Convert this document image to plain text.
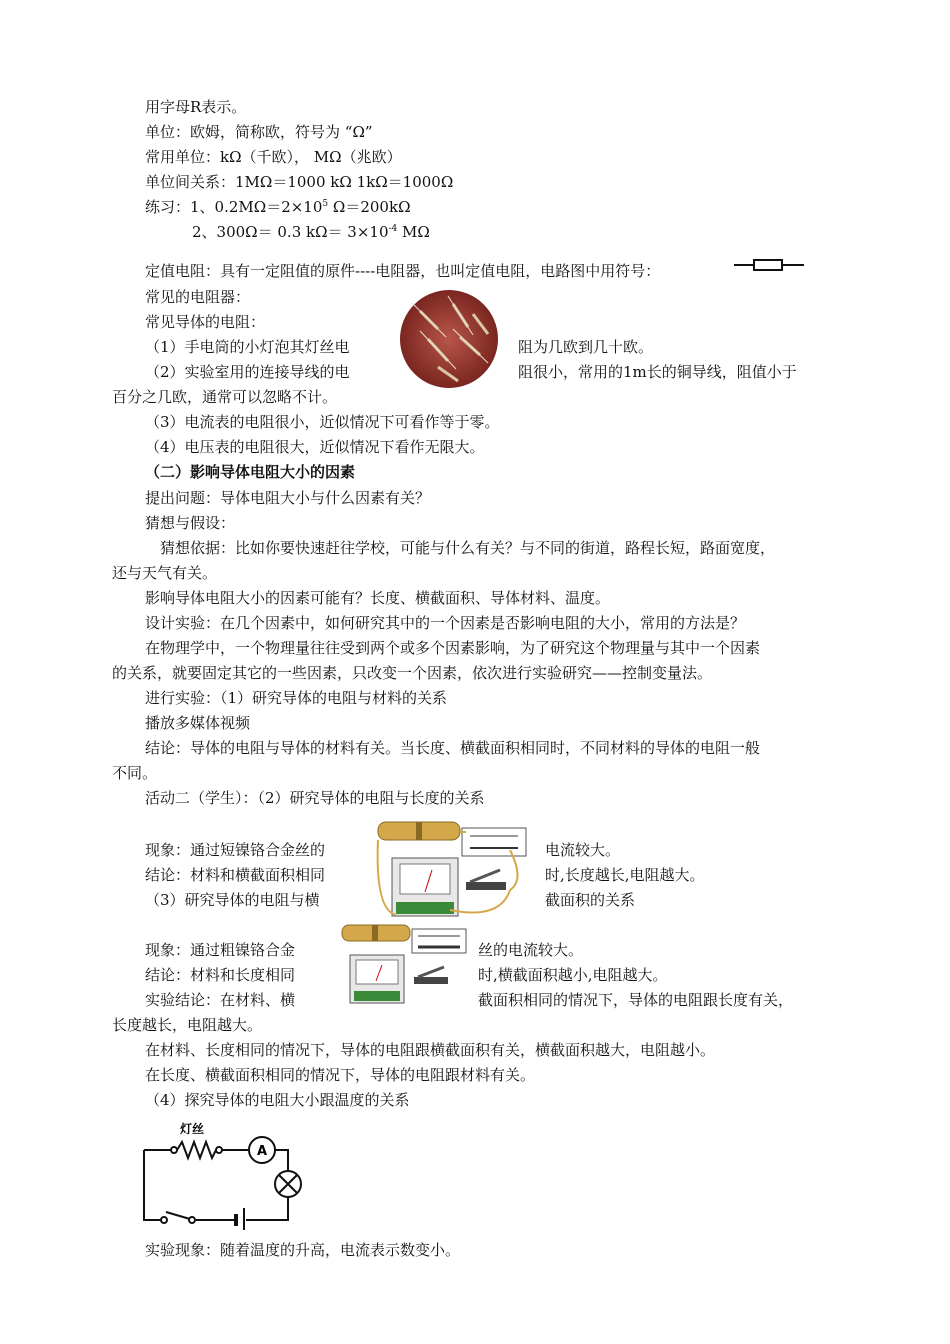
用字母R表示。
单位：欧姆，简称欧，符号为 “Ω”
常用单位：kΩ（千欧）， MΩ（兆欧）
单位间关系：1MΩ＝1000 kΩ 1kΩ＝1000Ω
练习：1、$0.2M\Omega=2\times 10^5$ Ω＝200kΩ
2、300Ω＝ 0.3 $k\Omega= 3\times 10^{-4}$ MΩ
定值电阻：具有一定阻值的原件----电阻器，也叫定值电阻，电路图中用符号：
常见的电阻器：
常见导体的电阻：
（1）手电筒的小灯泡其灯丝电	阻为几欧到几十欧。
（2）实验室用的连接导线的电	阻很小，常用的1m长的铜导线，阻值小于
百分之几欧，通常可以忽略不计。
（3）电流表的电阻很小，近似情况下可看作等于零。
（4）电压表的电阻很大，近似情况下看作无限大。
（二）影响导体电阻大小的因素
提出问题：导体电阻大小与什么因素有关？
猜想与假设：
猜想依据：比如你要快速赶往学校，可能与什么有关？与不同的街道，路程长短，路面宽度，
还与天气有关。
影响导体电阻大小的因素可能有？长度、横截面积、导体材料、温度。
设计实验：在几个因素中，如何研究其中的一个因素是否影响电阻的大小，常用的方法是？
在物理学中，一个物理量往往受到两个或多个因素影响，为了研究这个物理量与其中一个因素
的关系，就要固定其它的一些因素，只改变一个因素，依次进行实验研究——控制变量法。
进行实验：（1）研究导体的电阻与材料的关系
播放多媒体视频
结论：导体的电阻与导体的材料有关。当长度、横截面积相同时，不同材料的导体的电阻一般
不同。
活动二（学生）：（2）研究导体的电阻与长度的关系
现象：通过短镍铬合金丝的	电流较大。
结论：材料和横截面积相同	时,长度越长,电阻越大。
（3）研究导体的电阻与横	截面积的关系
现象：通过粗镍铬合金	丝的电流较大。
结论：材料和长度相同	时,横截面积越小,电阻越大。
实验结论：在材料、横	截面积相同的情况下，导体的电阻跟长度有关，
长度越长，电阻越大。
在材料、长度相同的情况下，导体的电阻跟横截面积有关，横截面积越大，电阻越小。
在长度、横截面积相同的情况下，导体的电阻跟材料有关。
（4）探究导体的电阻大小跟温度的关系
灯丝
A
实验现象：随着温度的升高，电流表示数变小。
